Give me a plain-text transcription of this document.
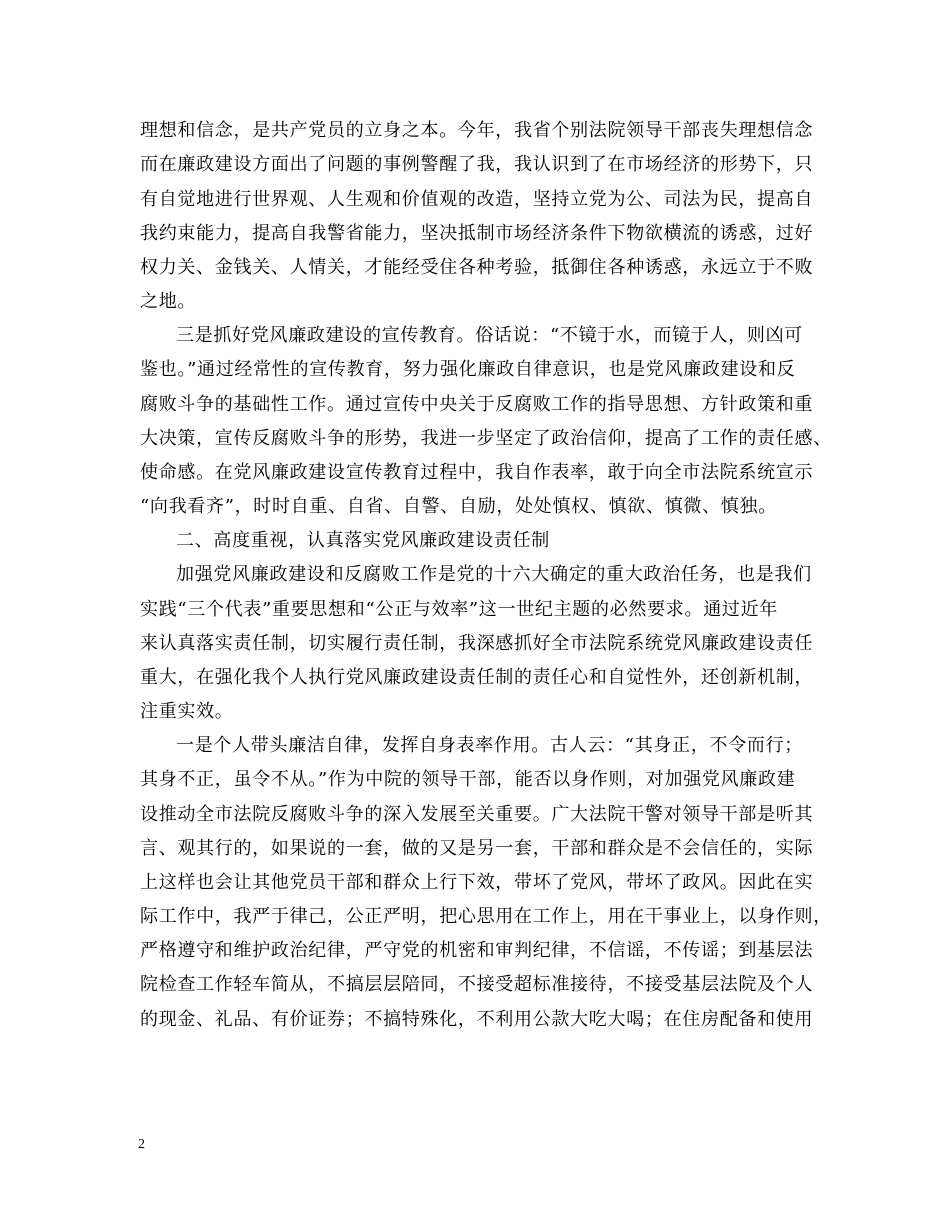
理想和信念，是共产党员的立身之本。今年，我省个别法院领导干部丧失理想信念
而在廉政建设方面出了问题的事例警醒了我，我认识到了在市场经济的形势下，只
有自觉地进行世界观、人生观和价值观的改造，坚持立党为公、司法为民，提高自
我约束能力，提高自我警省能力，坚决抵制市场经济条件下物欲横流的诱惑，过好
权力关、金钱关、人情关，才能经受住各种考验，抵御住各种诱惑，永远立于不败
之地。
三是抓好党风廉政建设的宣传教育。俗话说：“不镜于水，而镜于人，则凶可
鉴也。”通过经常性的宣传教育，努力强化廉政自律意识，也是党风廉政建设和反
腐败斗争的基础性工作。通过宣传中央关于反腐败工作的指导思想、方针政策和重
大决策，宣传反腐败斗争的形势，我进一步坚定了政治信仰，提高了工作的责任感、
使命感。在党风廉政建设宣传教育过程中，我自作表率，敢于向全市法院系统宣示
“向我看齐”，时时自重、自省、自警、自励，处处慎权、慎欲、慎微、慎独。
二、高度重视，认真落实党风廉政建设责任制
加强党风廉政建设和反腐败工作是党的十六大确定的重大政治任务，也是我们
实践“三个代表”重要思想和“公正与效率”这一世纪主题的必然要求。通过近年
来认真落实责任制，切实履行责任制，我深感抓好全市法院系统党风廉政建设责任
重大，在强化我个人执行党风廉政建设责任制的责任心和自觉性外，还创新机制，
注重实效。
一是个人带头廉洁自律，发挥自身表率作用。古人云：“其身正，不令而行；
其身不正，虽令不从。”作为中院的领导干部，能否以身作则，对加强党风廉政建
设推动全市法院反腐败斗争的深入发展至关重要。广大法院干警对领导干部是听其
言、观其行的，如果说的一套，做的又是另一套，干部和群众是不会信任的，实际
上这样也会让其他党员干部和群众上行下效，带坏了党风，带坏了政风。因此在实
际工作中，我严于律己，公正严明，把心思用在工作上，用在干事业上，以身作则，
严格遵守和维护政治纪律，严守党的机密和审判纪律，不信谣，不传谣；到基层法
院检查工作轻车简从，不搞层层陪同，不接受超标准接待，不接受基层法院及个人
的现金、礼品、有价证券；不搞特殊化，不利用公款大吃大喝；在住房配备和使用
2
